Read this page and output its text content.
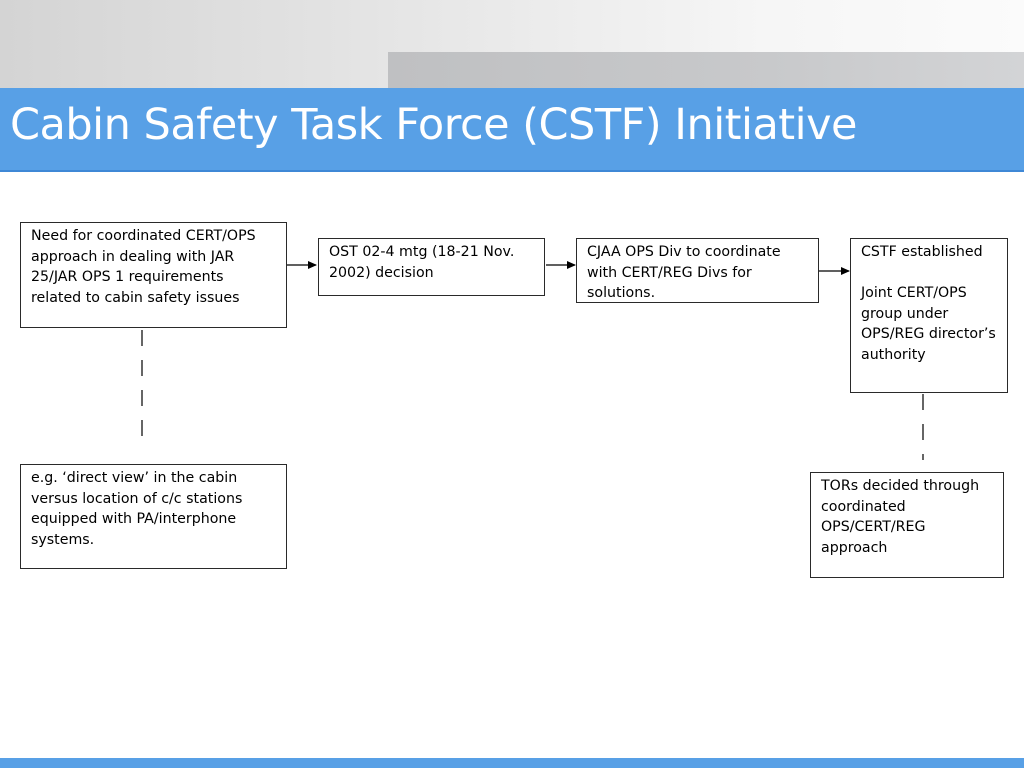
Cabin Safety Task Force (CSTF) Initiative
Need for coordinated CERT/OPS approach in dealing with JAR 25/JAR OPS 1 requirements related to cabin safety issues
OST 02-4 mtg (18-21 Nov. 2002) decision
CJAA OPS Div to coordinate with CERT/REG Divs for solutions.
CSTF established

Joint CERT/OPS group under OPS/REG director’s authority
e.g. ‘direct view’ in the cabin versus location of c/c stations equipped with PA/interphone systems.
TORs decided through coordinated OPS/CERT/REG approach
